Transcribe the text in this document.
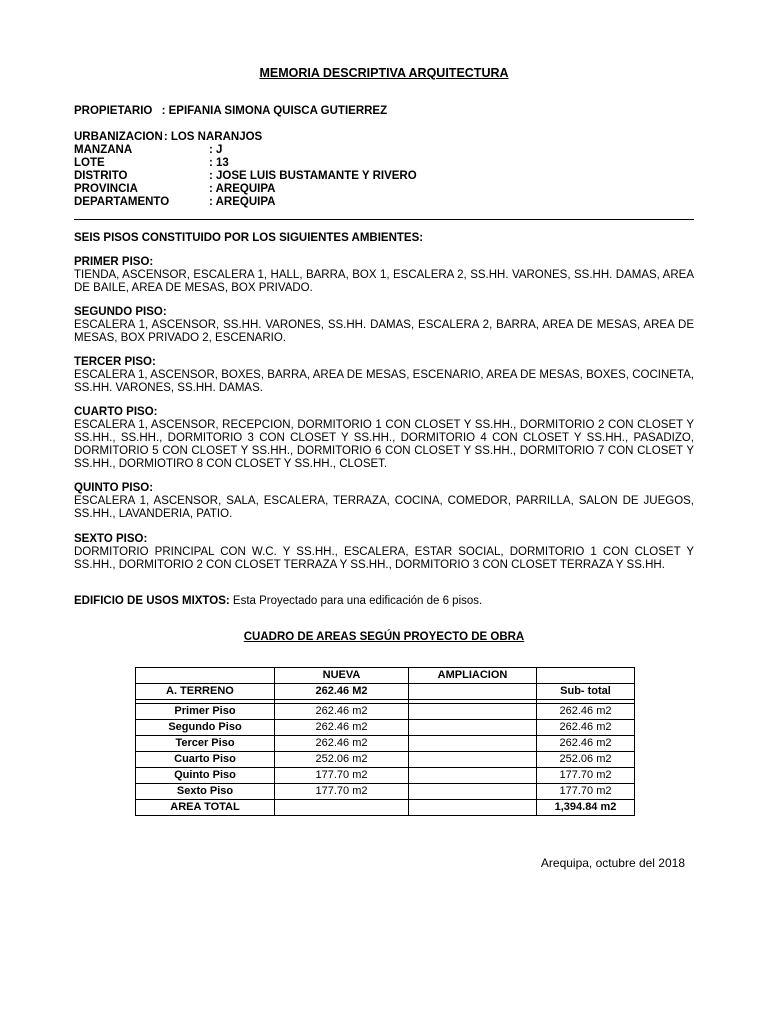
MEMORIA DESCRIPTIVA ARQUITECTURA
PROPIETARIO : EPIFANIA SIMONA QUISCA GUTIERREZ
URBANIZACION: LOS NARANJOS
MANZANA	: J
LOTE	: 13
DISTRITO	: JOSE LUIS BUSTAMANTE Y RIVERO
PROVINCIA	: AREQUIPA
DEPARTAMENTO	: AREQUIPA
SEIS PISOS CONSTITUIDO POR LOS SIGUIENTES AMBIENTES:
PRIMER PISO:
TIENDA, ASCENSOR, ESCALERA 1, HALL, BARRA, BOX 1, ESCALERA 2, SS.HH. VARONES, SS.HH. DAMAS, AREA DE BAILE, AREA DE MESAS, BOX PRIVADO.
SEGUNDO PISO:
ESCALERA 1, ASCENSOR, SS.HH. VARONES, SS.HH. DAMAS, ESCALERA 2, BARRA, AREA DE MESAS, AREA DE MESAS, BOX PRIVADO 2, ESCENARIO.
TERCER PISO:
ESCALERA 1, ASCENSOR, BOXES, BARRA, AREA DE MESAS, ESCENARIO, AREA DE MESAS, BOXES, COCINETA, SS.HH. VARONES, SS.HH. DAMAS.
CUARTO PISO:
ESCALERA 1, ASCENSOR, RECEPCION, DORMITORIO 1 CON CLOSET Y SS.HH., DORMITORIO 2 CON CLOSET Y SS.HH., SS.HH., DORMITORIO 3 CON CLOSET Y SS.HH., DORMITORIO 4 CON CLOSET Y SS.HH., PASADIZO, DORMITORIO 5 CON CLOSET Y SS.HH., DORMITORIO 6 CON CLOSET Y SS.HH., DORMITORIO 7 CON CLOSET Y SS.HH., DORMIOTIRO 8 CON CLOSET Y SS.HH., CLOSET.
QUINTO PISO:
ESCALERA 1, ASCENSOR, SALA, ESCALERA, TERRAZA, COCINA, COMEDOR, PARRILLA, SALON DE JUEGOS, SS.HH., LAVANDERIA, PATIO.
SEXTO PISO:
DORMITORIO PRINCIPAL CON W.C. Y SS.HH., ESCALERA, ESTAR SOCIAL, DORMITORIO 1 CON CLOSET Y SS.HH., DORMITORIO 2 CON CLOSET TERRAZA Y SS.HH., DORMITORIO 3 CON CLOSET TERRAZA Y SS.HH.
EDIFICIO DE USOS MIXTOS: Esta Proyectado para una edificación de 6 pisos.
CUADRO DE AREAS SEGÚN PROYECTO DE OBRA
	NUEVA	AMPLIACION	
A. TERRENO	262.46 M2		Sub- total

Primer Piso	262.46 m2		262.46 m2
Segundo Piso	262.46 m2		262.46 m2
Tercer Piso	262.46 m2		262.46 m2
Cuarto Piso	252.06 m2		252.06 m2
Quinto Piso	177.70 m2		177.70 m2
Sexto Piso	177.70 m2		177.70 m2
AREA TOTAL			1,394.84 m2
Arequipa, octubre del 2018
